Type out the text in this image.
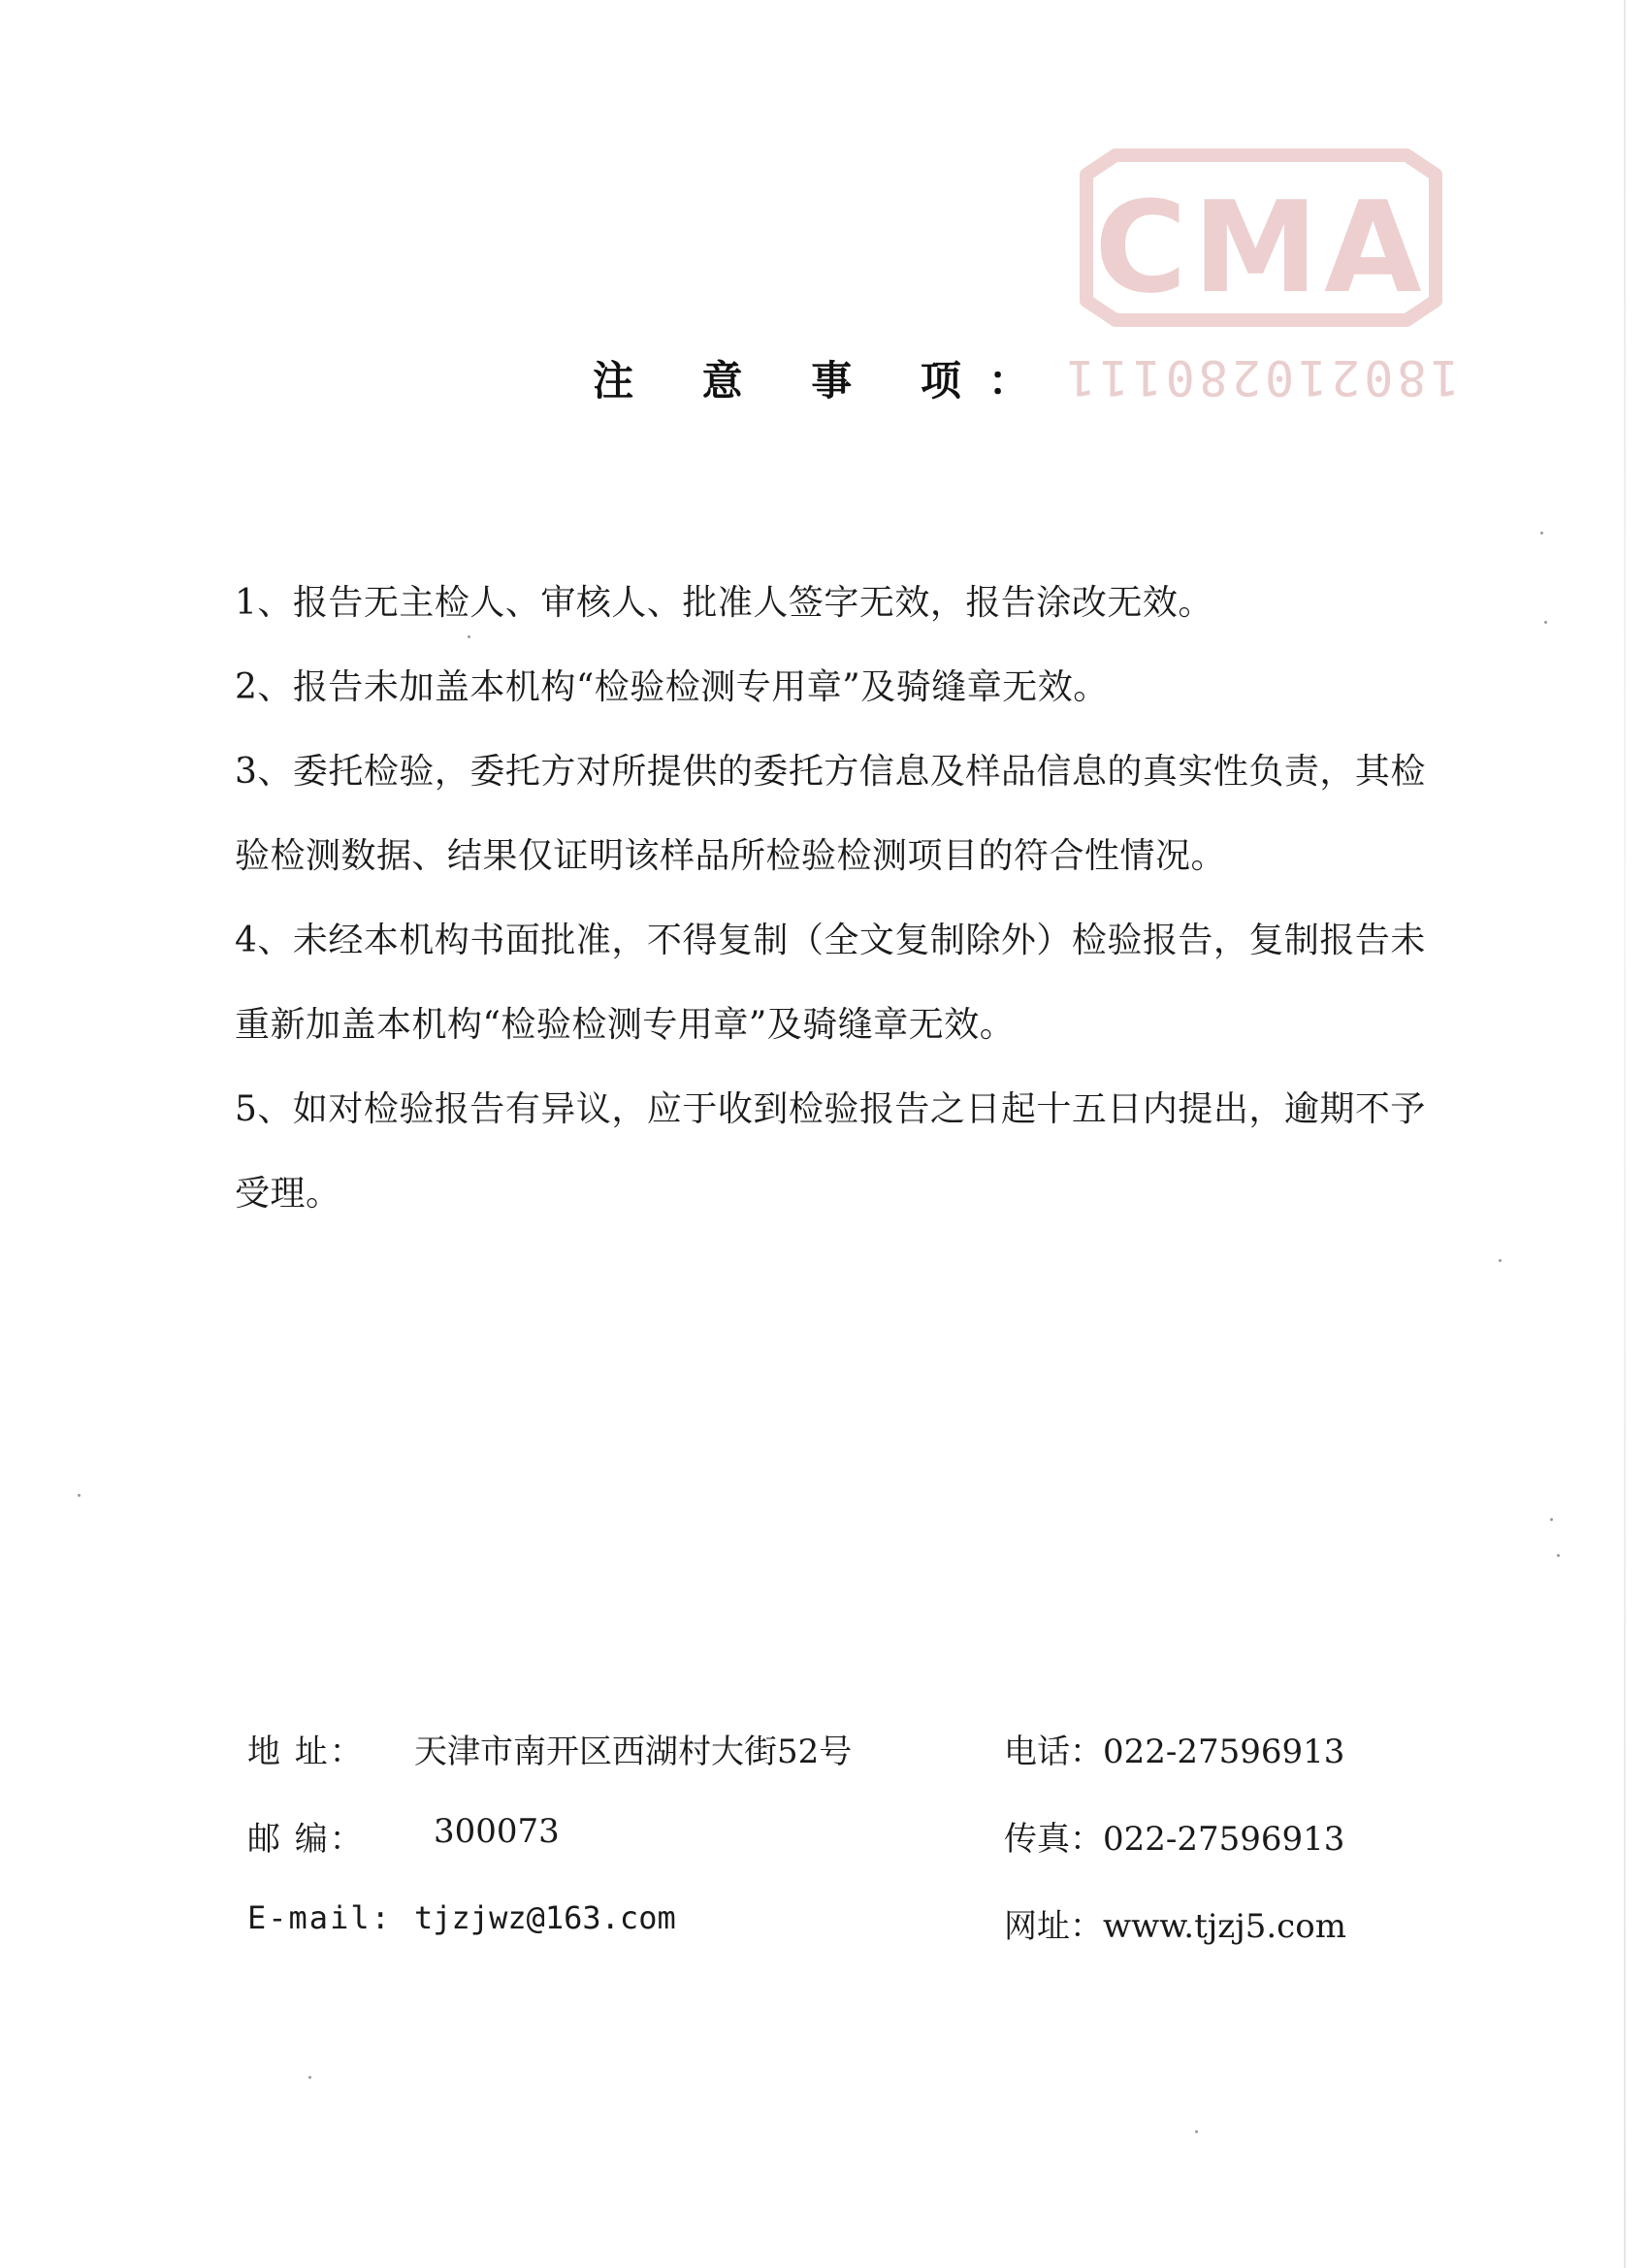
CMA
180210280111
注 意 事 项：

1、报告无主检人、审核人、批准人签字无效，报告涂改无效。

2、报告未加盖本机构“检验检测专用章”及骑缝章无效。

3、委托检验，委托方对所提供的委托方信息及样品信息的真实性负责，其检验检测数据、结果仅证明该样品所检验检测项目的符合性情况。

4、未经本机构书面批准，不得复制（全文复制除外）检验报告，复制报告未重新加盖本机构“检验检测专用章”及骑缝章无效。

5、如对检验报告有异议，应于收到检验报告之日起十五日内提出，逾期不予受理。

地 址： 天津市南开区西湖村大街52号	电话：022-27596913
邮 编： 300073	传真：022-27596913
E-mail: tjzjwz@163.com	网址：www.tjzj5.com
